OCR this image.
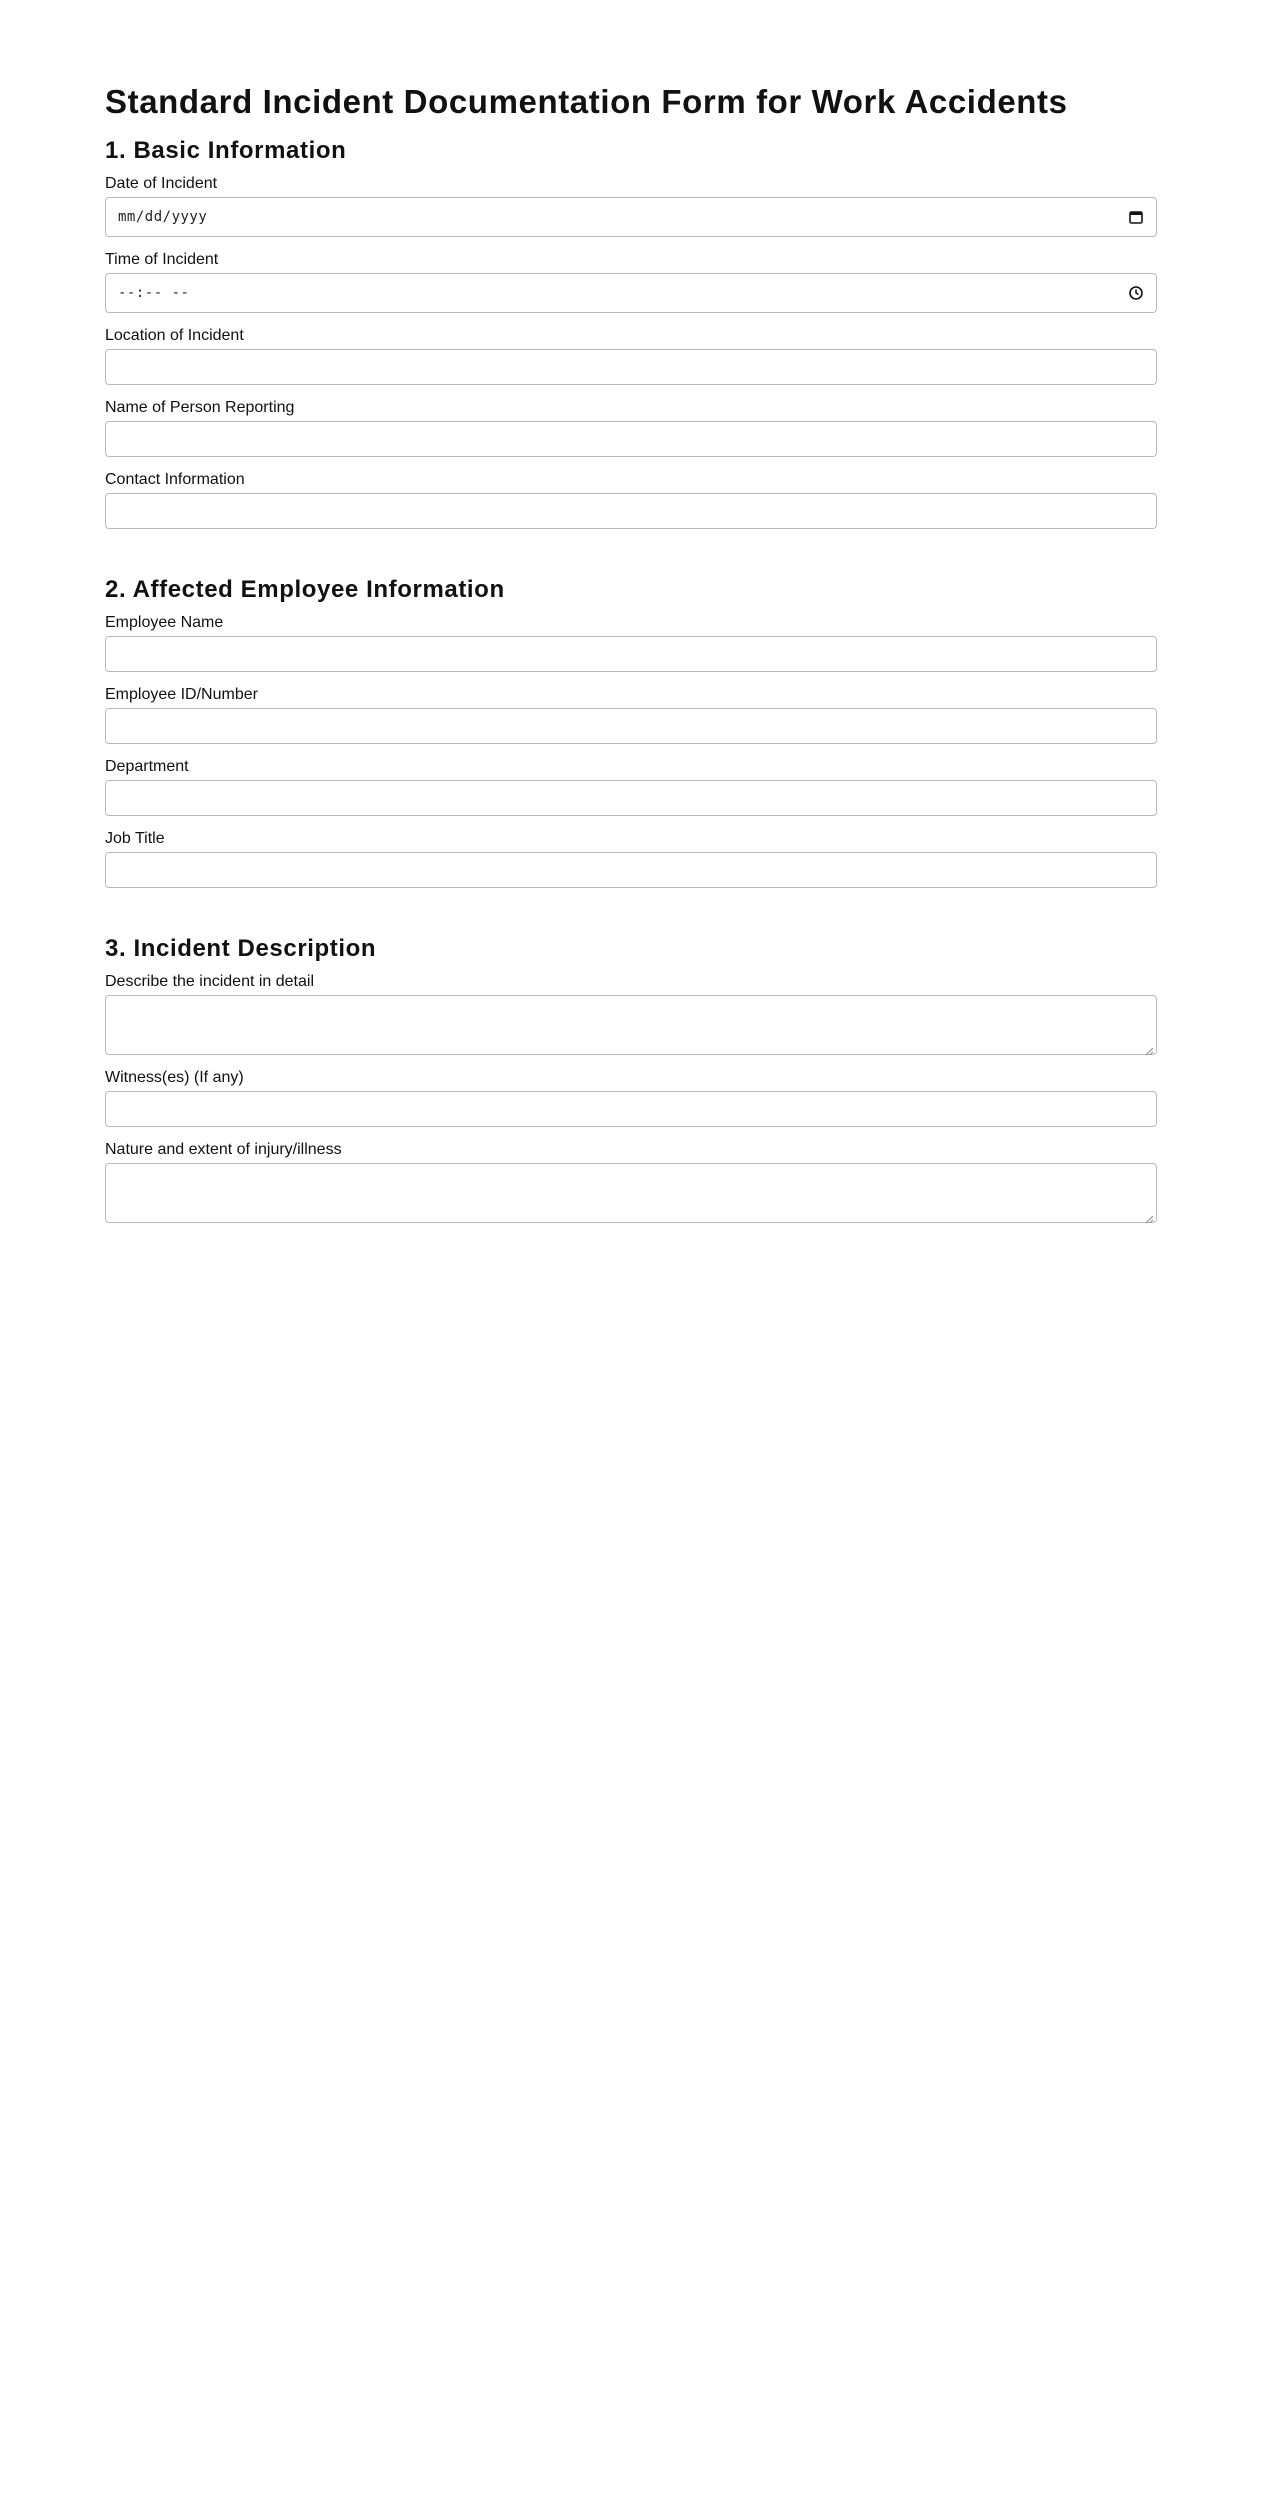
Standard Incident Documentation Form for Work Accidents
1. Basic Information
Date of Incident
mm/dd/yyyy
Time of Incident
--:-- --
Location of Incident
Name of Person Reporting
Contact Information
2. Affected Employee Information
Employee Name
Employee ID/Number
Department
Job Title
3. Incident Description
Describe the incident in detail
Witness(es) (If any)
Nature and extent of injury/illness
